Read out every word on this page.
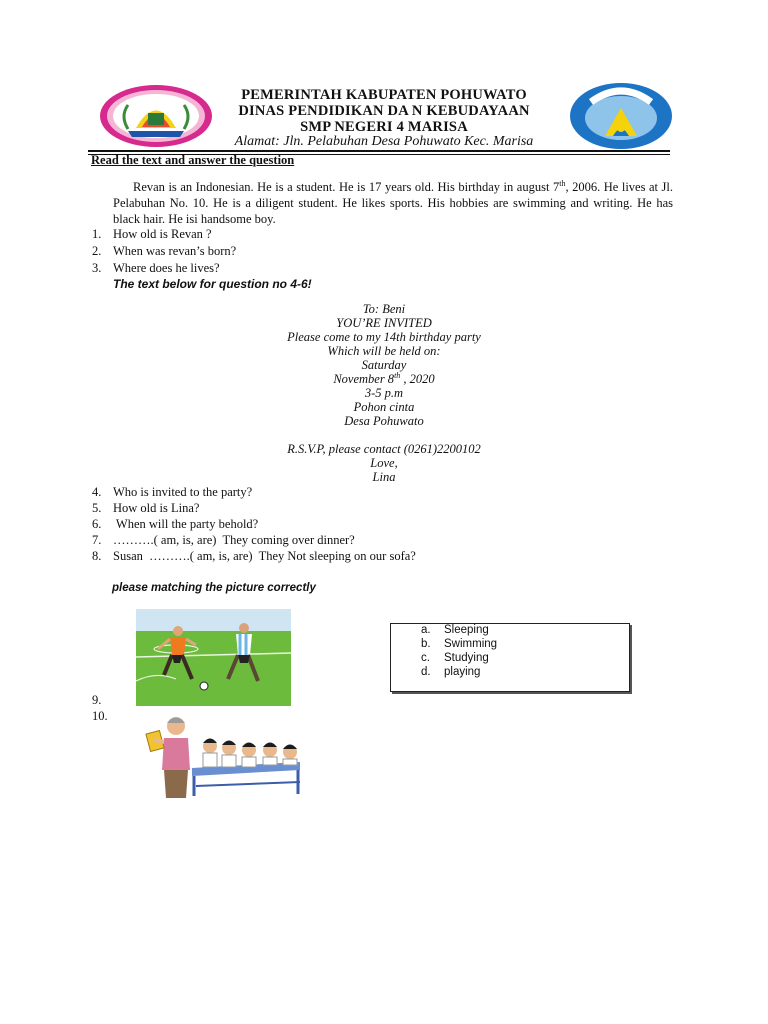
PEMERINTAH KABUPATEN POHUWATO
DINAS PENDIDIKAN DA N KEBUDAYAAN
SMP NEGERI 4 MARISA
Alamat: Jln. Pelabuhan Desa Pohuwato Kec. Marisa
Read the text and answer the question
Revan is an Indonesian. He is a student. He is 17 years old. His birthday in august 7th, 2006. He lives at Jl. Pelabuhan No. 10. He is a diligent student. He likes sports. His hobbies are swimming and writing. He has black hair. He isi handsome boy.
1. How old is Revan ?
2. When was revan’s born?
3. Where does he lives?
The text below for question no 4-6!
To: Beni
YOU’RE INVITED
Please come to my 14th birthday party
Which will be held on:
Saturday
November 8th , 2020
3-5 p.m
Pohon cinta
Desa Pohuwato
R.S.V.P, please contact (0261)2200102
Love,
Lina
4. Who is invited to the party?
5. How old is Lina?
6. When will the party behold?
7. ……….( am, is, are)  They coming over dinner?
8. Susan  ……….( am, is, are)  They Not sleeping on our sofa?
please matching the picture correctly
a. Sleeping
b. Swimming
c. Studying
d. playing
9.
10.
